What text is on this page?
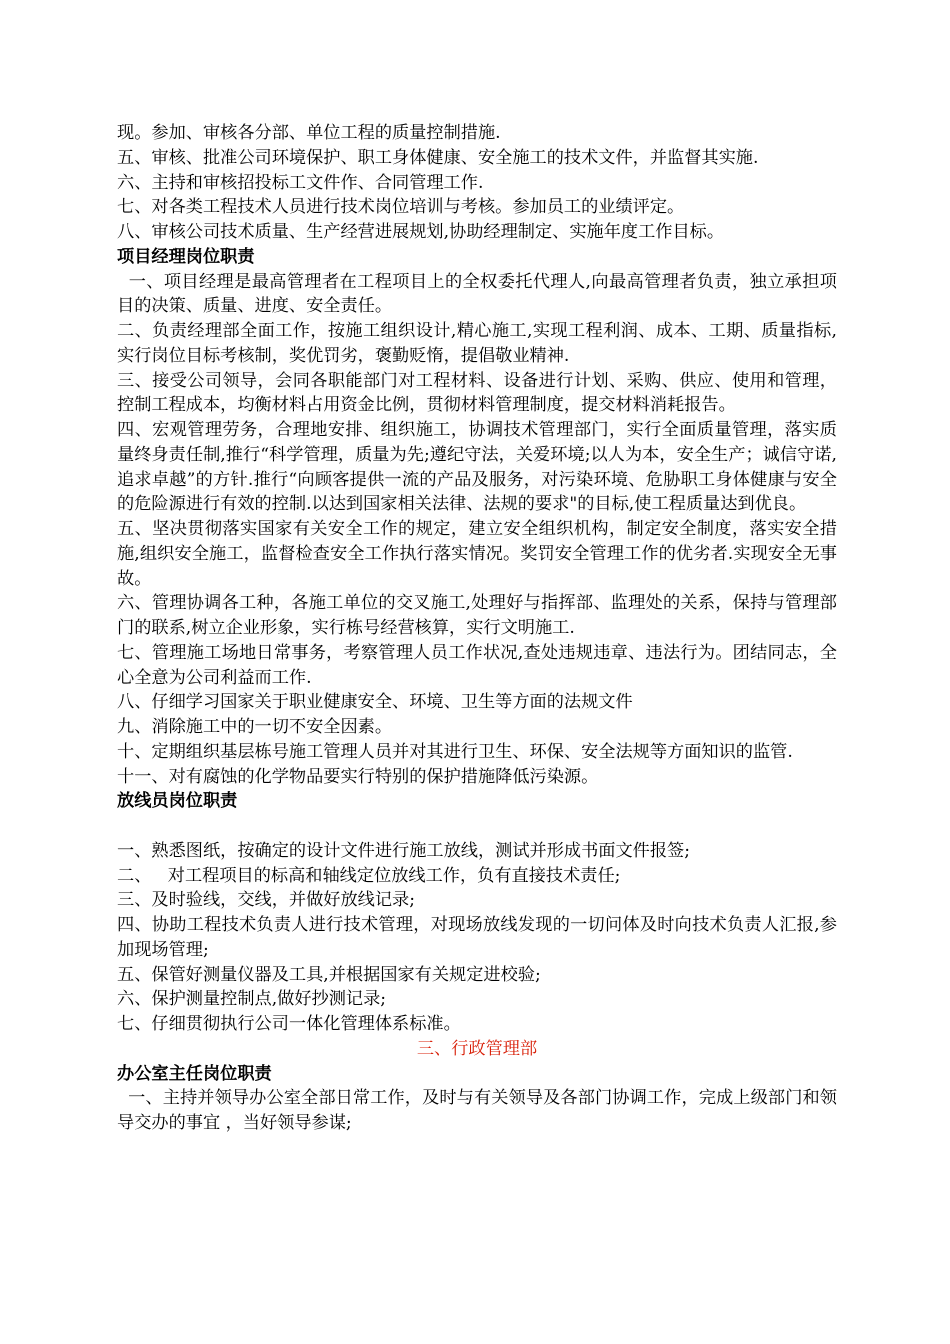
现。参加、审核各分部、单位工程的质量控制措施.

五、审核、批准公司环境保护、职工身体健康、安全施工的技术文件，并监督其实施.

六、主持和审核招投标工文件作、合同管理工作.

七、对各类工程技术人员进行技术岗位培训与考核。参加员工的业绩评定。

八、审核公司技术质量、生产经营进展规划,协助经理制定、实施年度工作目标。

项目经理岗位职责

一、项目经理是最高管理者在工程项目上的全权委托代理人,向最高管理者负责，独立承担项目的决策、质量、进度、安全责任。

二、负责经理部全面工作，按施工组织设计,精心施工,实现工程利润、成本、工期、质量指标,实行岗位目标考核制，奖优罚劣，褒勤贬惰，提倡敬业精神.

三、接受公司领导，会同各职能部门对工程材料、设备进行计划、采购、供应、使用和管理，控制工程成本，均衡材料占用资金比例，贯彻材料管理制度，提交材料消耗报告。

四、宏观管理劳务，合理地安排、组织施工，协调技术管理部门，实行全面质量管理，落实质量终身责任制,推行“科学管理，质量为先;遵纪守法，关爱环境;以人为本，安全生产；诚信守诺,追求卓越”的方针.推行“向顾客提供一流的产品及服务，对污染环境、危胁职工身体健康与安全的危险源进行有效的控制.以达到国家相关法律、法规的要求"的目标,使工程质量达到优良。

五、坚决贯彻落实国家有关安全工作的规定，建立安全组织机构，制定安全制度，落实安全措施,组织安全施工，监督检查安全工作执行落实情况。奖罚安全管理工作的优劣者.实现安全无事故。

六、管理协调各工种，各施工单位的交叉施工,处理好与指挥部、监理处的关系，保持与管理部门的联系,树立企业形象，实行栋号经营核算，实行文明施工.

七、管理施工场地日常事务，考察管理人员工作状况,查处违规违章、违法行为。团结同志，全心全意为公司利益而工作.

八、仔细学习国家关于职业健康安全、环境、卫生等方面的法规文件

九、消除施工中的一切不安全因素。

十、定期组织基层栋号施工管理人员并对其进行卫生、环保、安全法规等方面知识的监管.

十一、对有腐蚀的化学物品要实行特别的保护措施降低污染源。

放线员岗位职责

一、熟悉图纸，按确定的设计文件进行施工放线，测试并形成书面文件报签;

二、   对工程项目的标高和轴线定位放线工作，负有直接技术责任;

三、及时验线，交线，并做好放线记录;

四、协助工程技术负责人进行技术管理，对现场放线发现的一切问体及时向技术负责人汇报,参加现场管理;

五、保管好测量仪器及工具,并根据国家有关规定进校验;

六、保护测量控制点,做好抄测记录;

七、仔细贯彻执行公司一体化管理体系标准。

三、行政管理部

办公室主任岗位职责

一、主持并领导办公室全部日常工作，及时与有关领导及各部门协调工作，完成上级部门和领导交办的事宜 ，当好领导参谋;
